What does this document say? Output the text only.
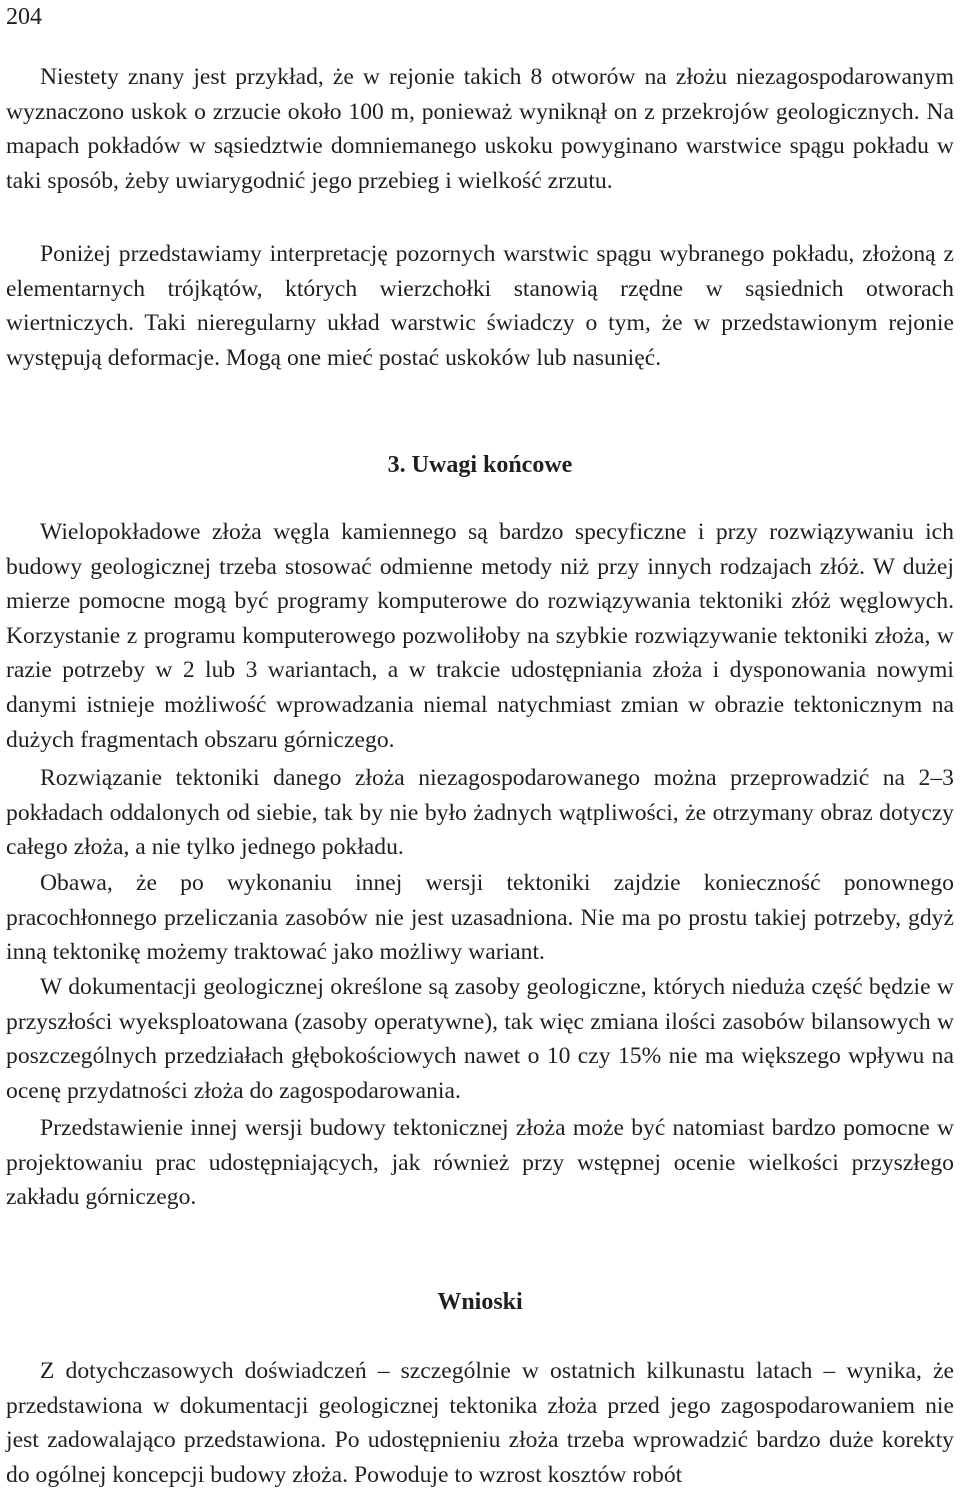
204

Niestety znany jest przykład, że w rejonie takich 8 otworów na złożu niezagospodarowanym wyznaczono uskok o zrzucie około 100 m, ponieważ wyniknął on z przekrojów geologicznych. Na mapach pokładów w sąsiedztwie domniemanego uskoku powyginano warstwice spągu pokładu w taki sposób, żeby uwiarygodnić jego przebieg i wielkość zrzutu.

Poniżej przedstawiamy interpretację pozornych warstwic spągu wybranego pokładu, złożoną z elementarnych trójkątów, których wierzchołki stanowią rzędne w sąsiednich otworach wiertniczych. Taki nieregularny układ warstwic świadczy o tym, że w przedstawionym rejonie występują deformacje. Mogą one mieć postać uskoków lub nasunięć.

3. Uwagi końcowe

Wielopokładowe złoża węgla kamiennego są bardzo specyficzne i przy rozwiązywaniu ich budowy geologicznej trzeba stosować odmienne metody niż przy innych rodzajach złóż. W dużej mierze pomocne mogą być programy komputerowe do rozwiązywania tektoniki złóż węglowych. Korzystanie z programu komputerowego pozwoliłoby na szybkie rozwiązywanie tektoniki złoża, w razie potrzeby w 2 lub 3 wariantach, a w trakcie udostępniania złoża i dysponowania nowymi danymi istnieje możliwość wprowadzania niemal natychmiast zmian w obrazie tektonicznym na dużych fragmentach obszaru górniczego.

Rozwiązanie tektoniki danego złoża niezagospodarowanego można przeprowadzić na 2–3 pokładach oddalonych od siebie, tak by nie było żadnych wątpliwości, że otrzymany obraz dotyczy całego złoża, a nie tylko jednego pokładu.

Obawa, że po wykonaniu innej wersji tektoniki zajdzie konieczność ponownego pracochłonnego przeliczania zasobów nie jest uzasadniona. Nie ma po prostu takiej potrzeby, gdyż inną tektonikę możemy traktować jako możliwy wariant.

W dokumentacji geologicznej określone są zasoby geologiczne, których niedużа część będzie w przyszłości wyeksploatowana (zasoby operatywne), tak więc zmiana ilości zasobów bilansowych w poszczególnych przedziałach głębokościowych nawet o 10 czy 15% nie ma większego wpływu na ocenę przydatności złoża do zagospodarowania.

Przedstawienie innej wersji budowy tektonicznej złoża może być natomiast bardzo pomocne w projektowaniu prac udostępniających, jak również przy wstępnej ocenie wielkości przyszłego zakładu górniczego.

Wnioski

Z dotychczasowych doświadczeń – szczególnie w ostatnich kilkunastu latach – wynika, że przedstawiona w dokumentacji geologicznej tektonika złoża przed jego zagospodarowaniem nie jest zadowalająco przedstawiona. Po udostępnieniu złoża trzeba wprowadzić bardzo duże korekty do ogólnej koncepcji budowy złoża. Powoduje to wzrost kosztów robót
